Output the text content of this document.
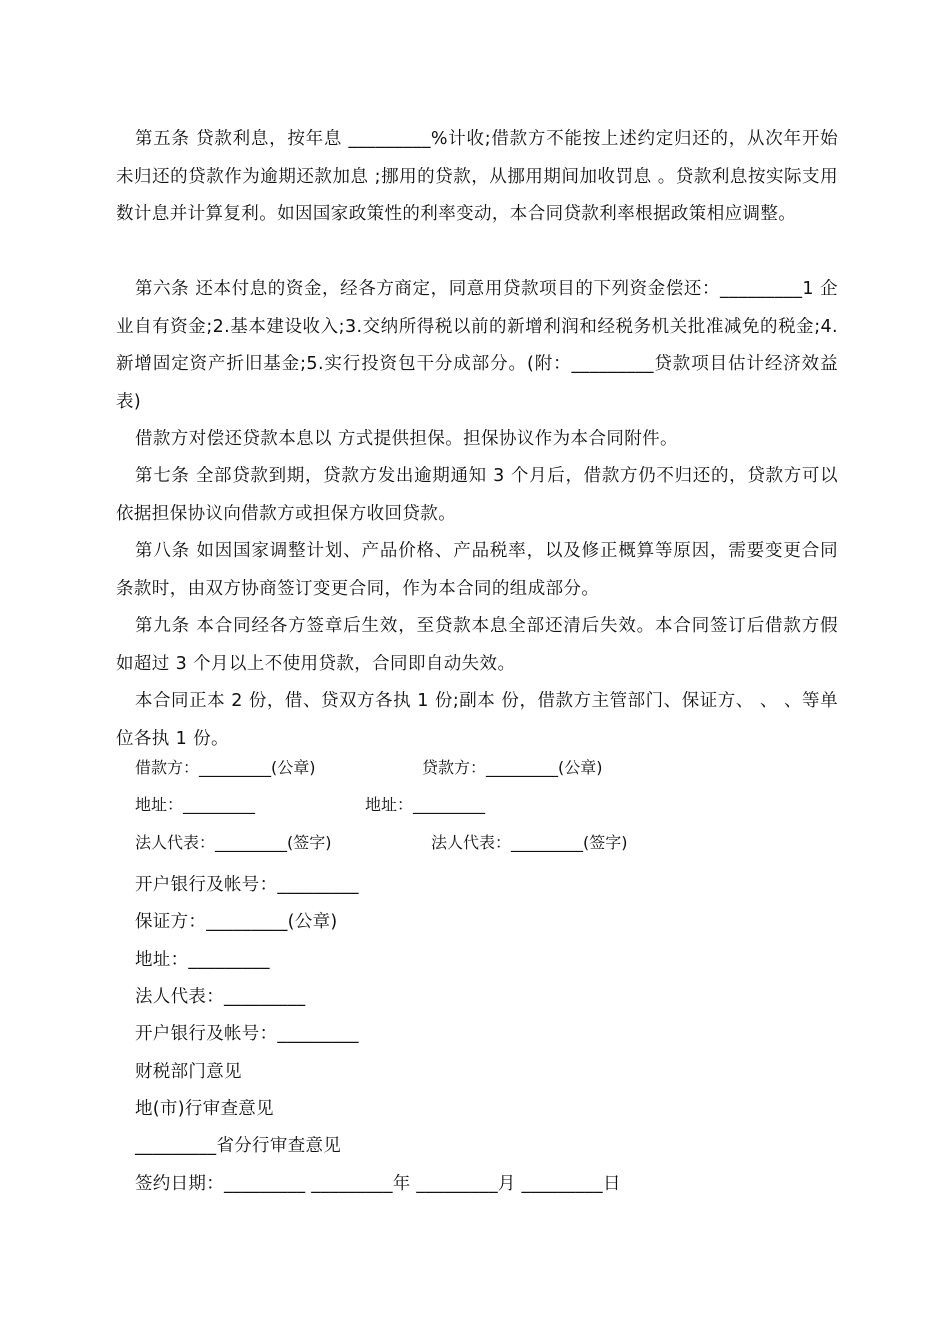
第五条 贷款利息，按年息 _________%计收;借款方不能按上述约定归还的，从次年开始未归还的贷款作为逾期还款加息 ;挪用的贷款，从挪用期间加收罚息 。贷款利息按实际支用数计息并计算复利。如因国家政策性的利率变动，本合同贷款利率根据政策相应调整。

第六条 还本付息的资金，经各方商定，同意用贷款项目的下列资金偿还：_________1 企业自有资金;2.基本建设收入;3.交纳所得税以前的新增利润和经税务机关批准减免的税金;4.新增固定资产折旧基金;5.实行投资包干分成部分。(附：_________贷款项目估计经济效益表)

借款方对偿还贷款本息以 方式提供担保。担保协议作为本合同附件。

第七条 全部贷款到期，贷款方发出逾期通知 3 个月后，借款方仍不归还的，贷款方可以依据担保协议向借款方或担保方收回贷款。

第八条 如因国家调整计划、产品价格、产品税率，以及修正概算等原因，需要变更合同条款时，由双方协商签订变更合同，作为本合同的组成部分。

第九条 本合同经各方签章后生效，至贷款本息全部还清后失效。本合同签订后借款方假如超过 3 个月以上不使用贷款，合同即自动失效。

本合同正本 2 份，借、贷双方各执 1 份;副本 份，借款方主管部门、保证方、 、 、等单位各执 1 份。

借款方：_________(公章)	贷款方：_________(公章)
地址：_________	地址：_________
法人代表：_________(签字)	法人代表：_________(签字)

开户银行及帐号：_________

保证方：_________(公章)

地址：_________

法人代表：_________

开户银行及帐号：_________

财税部门意见

地(市)行审查意见

_________省分行审查意见

签约日期：_________ _________年 _________月 _________日
